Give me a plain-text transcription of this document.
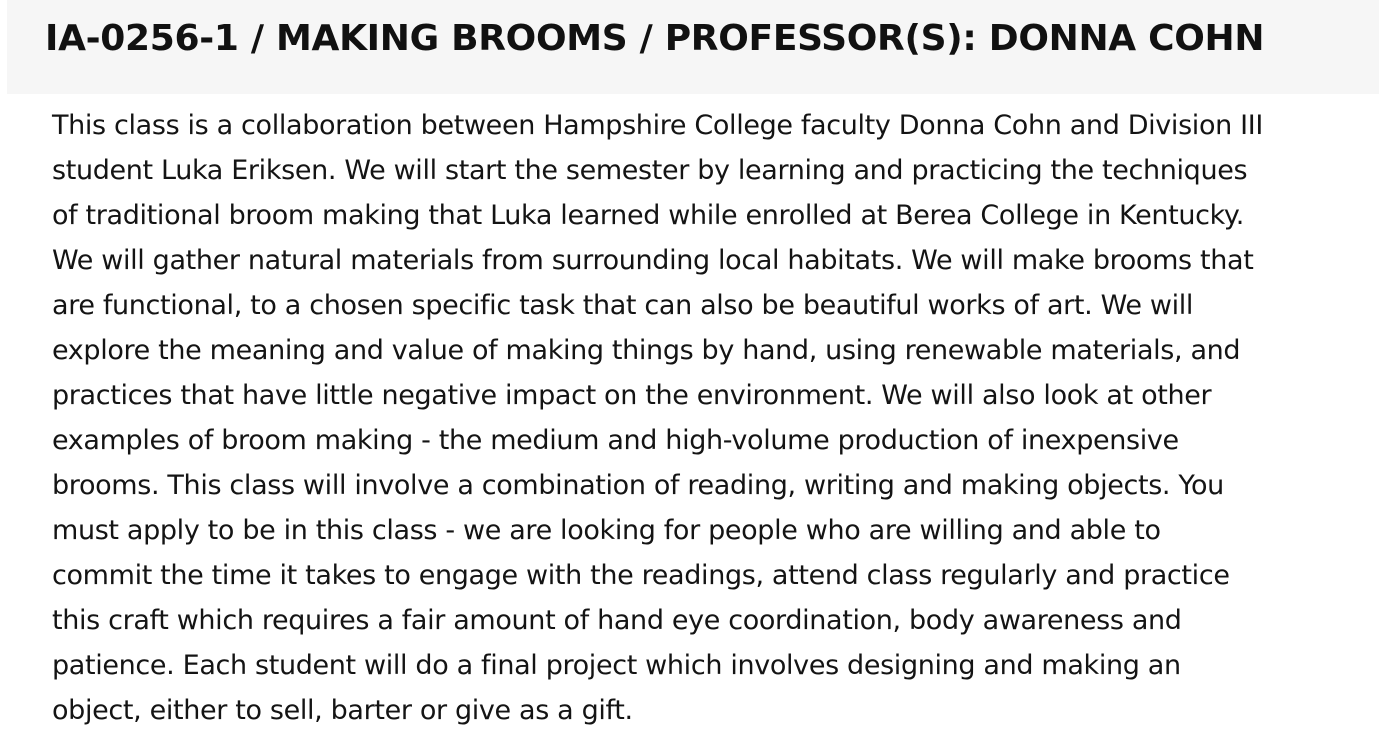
IA-0256-1 / MAKING BROOMS / PROFESSOR(S): DONNA COHN
This class is a collaboration between Hampshire College faculty Donna Cohn and Division III
student Luka Eriksen. We will start the semester by learning and practicing the techniques
of traditional broom making that Luka learned while enrolled at Berea College in Kentucky.
We will gather natural materials from surrounding local habitats. We will make brooms that
are functional, to a chosen specific task that can also be beautiful works of art. We will
explore the meaning and value of making things by hand, using renewable materials, and
practices that have little negative impact on the environment. We will also look at other
examples of broom making - the medium and high-volume production of inexpensive
brooms. This class will involve a combination of reading, writing and making objects. You
must apply to be in this class - we are looking for people who are willing and able to
commit the time it takes to engage with the readings, attend class regularly and practice
this craft which requires a fair amount of hand eye coordination, body awareness and
patience. Each student will do a final project which involves designing and making an
object, either to sell, barter or give as a gift.
